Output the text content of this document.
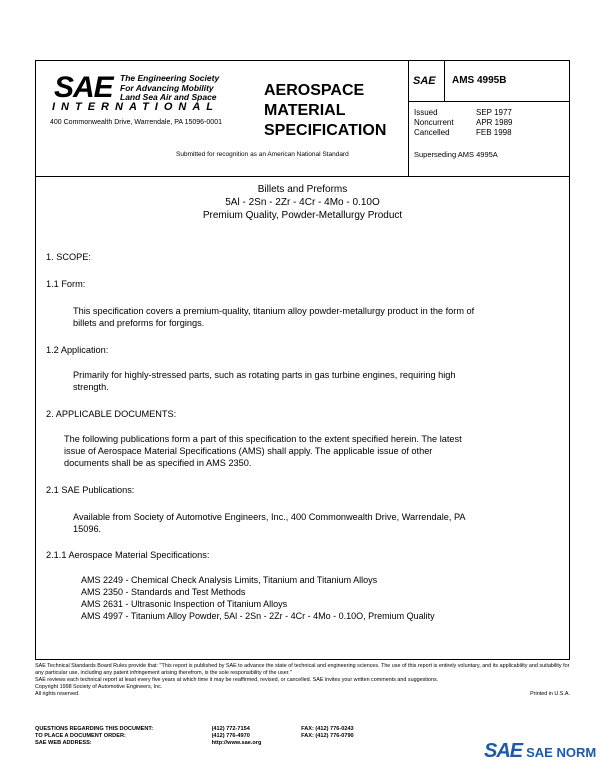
SAE The Engineering Society
For Advancing Mobility
Land Sea Air and Space
INTERNATIONAL
400 Commonwealth Drive, Warrendale, PA 15096-0001
AEROSPACE
MATERIAL
SPECIFICATION
Submitted for recognition as an American National Standard
SAE AMS 4995B
Issued	SEP 1977
Noncurrent	APR 1989
Cancelled	FEB 1998
Superseding AMS 4995A
Billets and Preforms
5Al - 2Sn - 2Zr - 4Cr - 4Mo - 0.10O
Premium Quality, Powder-Metallurgy Product
1. SCOPE:
1.1 Form:
This specification covers a premium-quality, titanium alloy powder-metallurgy product in the form of
billets and preforms for forgings.
1.2 Application:
Primarily for highly-stressed parts, such as rotating parts in gas turbine engines, requiring high
strength.
2. APPLICABLE DOCUMENTS:
The following publications form a part of this specification to the extent specified herein. The latest
issue of Aerospace Material Specifications (AMS) shall apply. The applicable issue of other
documents shall be as specified in AMS 2350.
2.1 SAE Publications:
Available from Society of Automotive Engineers, Inc., 400 Commonwealth Drive, Warrendale, PA
15096.
2.1.1 Aerospace Material Specifications:
AMS 2249 - Chemical Check Analysis Limits, Titanium and Titanium Alloys
AMS 2350 - Standards and Test Methods
AMS 2631 - Ultrasonic Inspection of Titanium Alloys
AMS 4997 - Titanium Alloy Powder, 5Al - 2Sn - 2Zr - 4Cr - 4Mo - 0.10O, Premium Quality
SAE Technical Standards Board Rules provide that: "This report is published by SAE to advance the state of technical and engineering sciences. The use of this report is entirely voluntary, and its applicability and suitability for any particular use, including any patent infringement arising therefrom, is the sole responsibility of the user."
SAE reviews each technical report at least every five years at which time it may be reaffirmed, revised, or cancelled. SAE invites your written comments and suggestions.
Copyright 1998 Society of Automotive Engineers, Inc.
All rights reserved.	Printed in U.S.A.
QUESTIONS REGARDING THIS DOCUMENT:	(412) 772-7154	FAX: (412) 776-0243
TO PLACE A DOCUMENT ORDER:	(412) 776-4970	FAX: (412) 776-0790
SAE WEB ADDRESS:	http://www.sae.org	SAE SAE NORM
